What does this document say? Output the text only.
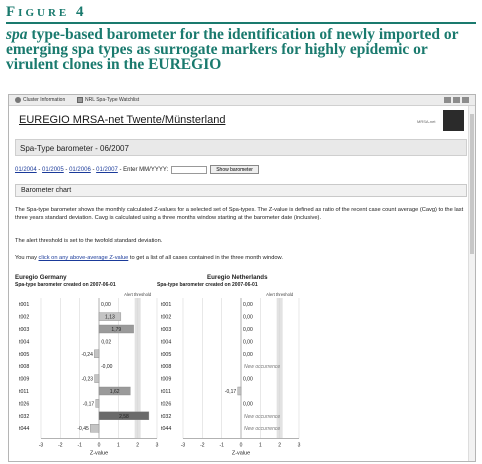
Figure 4
spa type-based barometer for the identification of newly imported or emerging spa types as surrogate markers for highly epidemic or virulent clones in the EUREGIO
Cluster Information	NRL Spa-Type Watchlist
EUREGIO MRSA-net Twente/Münsterland	MRSA-net
Spa-Type barometer - 06/2007
01/2004 - 01/2005 - 01/2006 - 01/2007 - Enter MM/YYYY:	Show barometer
Barometer chart
The Spa-type barometer shows the monthly calculated Z-values for a selected set of Spa-types. The Z-value is defined as ratio of the recent case count average (Cavg) to the last three years standard deviation. Cavg is calculated using a three months window starting at the barometer date (inclusive).
The alert threshold is set to the twofold standard deviation.
You may click on any above-average Z-value to get a list of all cases contained in the three month window.
Euregio Germany
Spa-type barometer created on 2007-06-01
Alert threshold
-3	-2	-1	0	1	2	3
Z-value
t001	0,00
t002	1,13
t003	1,79
t004	0,02
t005	-0,24
t008	-0,00
t009	-0,23
t011	1,62
t026	-0,17
t032	2,58
t044	-0,45
Euregio Netherlands
Spa-type barometer created on 2007-06-01
Alert threshold
-3	-2	-1	0	1	2	3
Z-value
t001	0,00
t002	0,00
t003	0,00
t004	0,00
t005	0,00
t008	New occurrence
t009	0,00
t011	-0,17
t026	0,00
t032	New occurrence
t044	New occurrence
